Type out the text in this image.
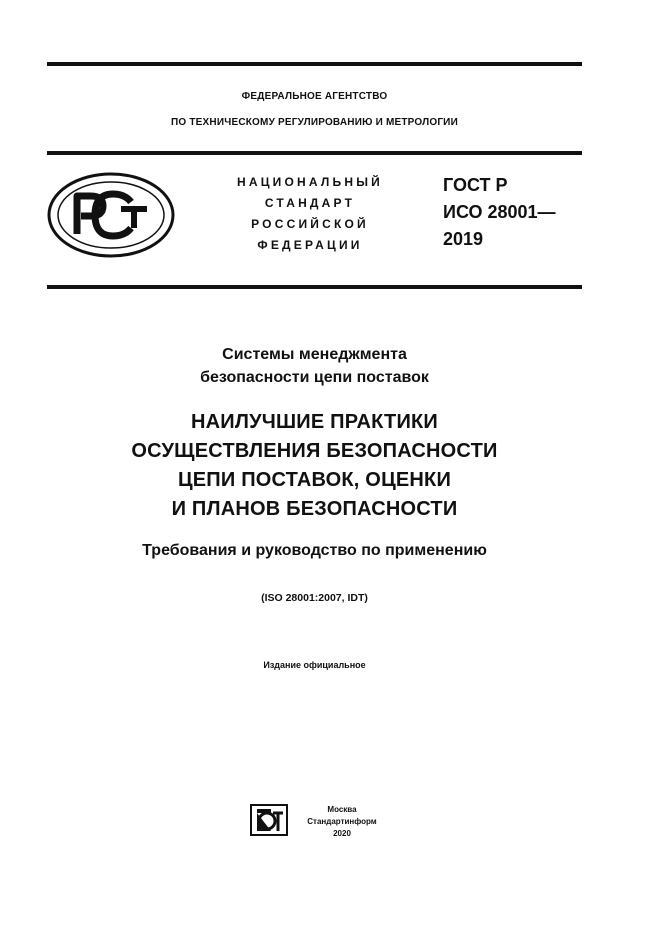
ФЕДЕРАЛЬНОЕ АГЕНТСТВО
ПО ТЕХНИЧЕСКОМУ РЕГУЛИРОВАНИЮ И МЕТРОЛОГИИ
РСТ
НАЦИОНАЛЬНЫЙ
СТАНДАРТ
РОССИЙСКОЙ
ФЕДЕРАЦИИ
ГОСТ Р
ИСО 28001—
2019
Системы менеджмента
безопасности цепи поставок
НАИЛУЧШИЕ ПРАКТИКИ
ОСУЩЕСТВЛЕНИЯ БЕЗОПАСНОСТИ
ЦЕПИ ПОСТАВОК, ОЦЕНКИ
И ПЛАНОВ БЕЗОПАСНОСТИ
Требования и руководство по применению
(ISO 28001:2007, IDT)
Издание официальное
СТИ
Москва
Стандартинформ
2020
